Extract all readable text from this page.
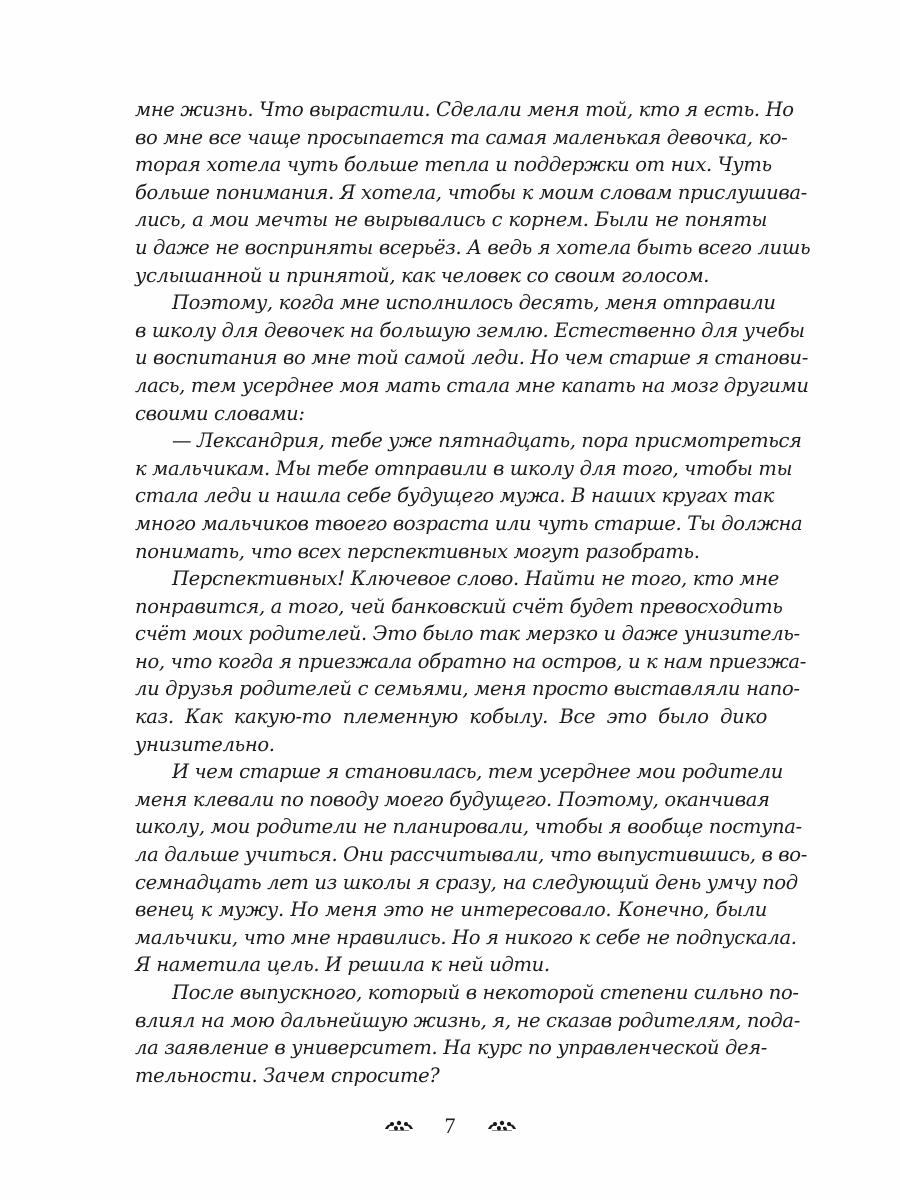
мне жизнь. Что вырастили. Сделали меня той, кто я есть. Но
во мне все чаще просыпается та самая маленькая девочка, ко-
торая хотела чуть больше тепла и поддержки от них. Чуть
больше понимания. Я хотела, чтобы к моим словам прислушива-
лись, а мои мечты не вырывались с корнем. Были не поняты
и даже не восприняты всерьёз. А ведь я хотела быть всего лишь
услышанной и принятой, как человек со своим голосом.
Поэтому, когда мне исполнилось десять, меня отправили
в школу для девочек на большую землю. Естественно для учебы
и воспитания во мне той самой леди. Но чем старше я станови-
лась, тем усерднее моя мать стала мне капать на мозг другими
своими словами:
— Лександрия, тебе уже пятнадцать, пора присмотреться
к мальчикам. Мы тебе отправили в школу для того, чтобы ты
стала леди и нашла себе будущего мужа. В наших кругах так
много мальчиков твоего возраста или чуть старше. Ты должна
понимать, что всех перспективных могут разобрать.
Перспективных! Ключевое слово. Найти не того, кто мне
понравится, а того, чей банковский счёт будет превосходить
счёт моих родителей. Это было так мерзко и даже унизитель-
но, что когда я приезжала обратно на остров, и к нам приезжа-
ли друзья родителей с семьями, меня просто выставляли напо-
каз. Как какую-то племенную кобылу. Все это было дико
унизительно.
И чем старше я становилась, тем усерднее мои родители
меня клевали по поводу моего будущего. Поэтому, оканчивая
школу, мои родители не планировали, чтобы я вообще поступа-
ла дальше учиться. Они рассчитывали, что выпустившись, в во-
семнадцать лет из школы я сразу, на следующий день умчу под
венец к мужу. Но меня это не интересовало. Конечно, были
мальчики, что мне нравились. Но я никого к себе не подпускала.
Я наметила цель. И решила к ней идти.
После выпускного, который в некоторой степени сильно по-
влиял на мою дальнейшую жизнь, я, не сказав родителям, пода-
ла заявление в университет. На курс по управленческой дея-
тельности. Зачем спросите?
7
